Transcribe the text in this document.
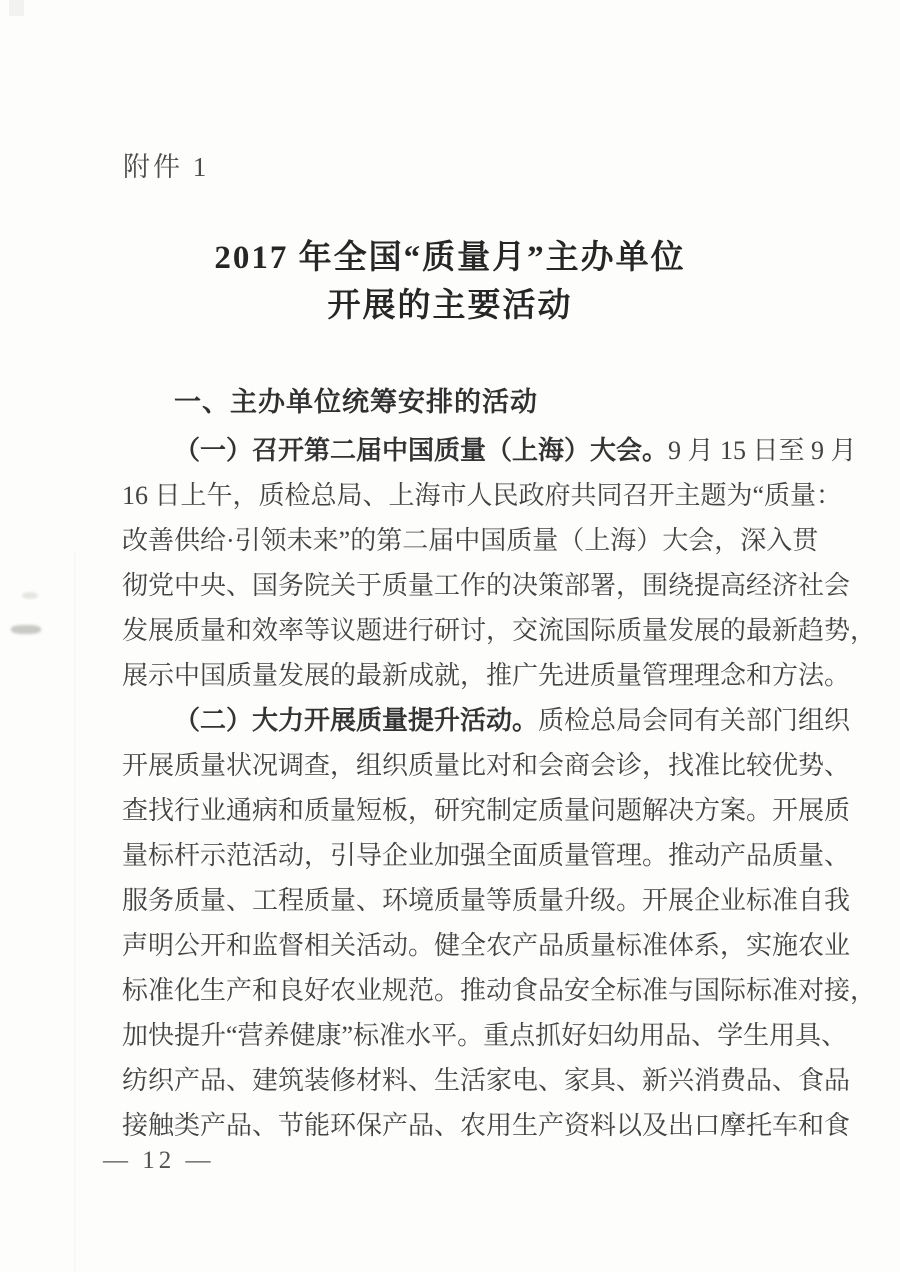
附件 1
2017 年全国“质量月”主办单位
开展的主要活动
一、主办单位统筹安排的活动
（一）召开第二届中国质量（上海）大会。9 月 15 日至 9 月
16 日上午，质检总局、上海市人民政府共同召开主题为“质量：
改善供给·引领未来”的第二届中国质量（上海）大会，深入贯
彻党中央、国务院关于质量工作的决策部署，围绕提高经济社会
发展质量和效率等议题进行研讨，交流国际质量发展的最新趋势，
展示中国质量发展的最新成就，推广先进质量管理理念和方法。
（二）大力开展质量提升活动。质检总局会同有关部门组织
开展质量状况调查，组织质量比对和会商会诊，找准比较优势、
查找行业通病和质量短板，研究制定质量问题解决方案。开展质
量标杆示范活动，引导企业加强全面质量管理。推动产品质量、
服务质量、工程质量、环境质量等质量升级。开展企业标准自我
声明公开和监督相关活动。健全农产品质量标准体系，实施农业
标准化生产和良好农业规范。推动食品安全标准与国际标准对接，
加快提升“营养健康”标准水平。重点抓好妇幼用品、学生用具、
纺织产品、建筑装修材料、生活家电、家具、新兴消费品、食品
接触类产品、节能环保产品、农用生产资料以及出口摩托车和食
— 12 —
